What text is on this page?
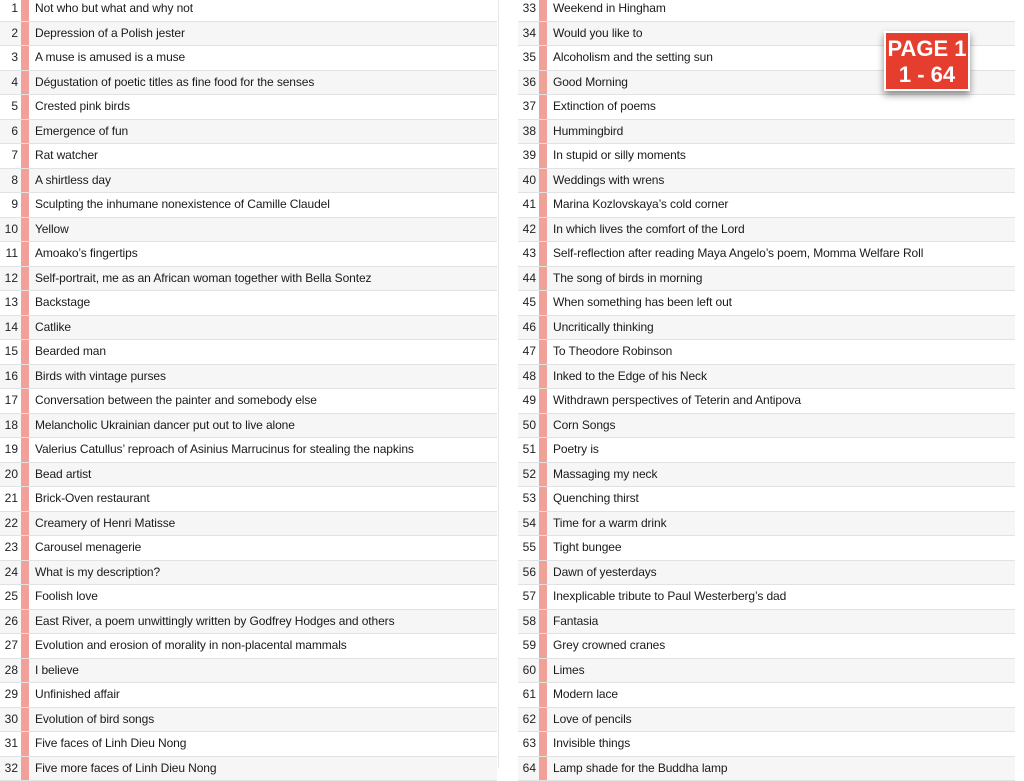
1	Not who but what and why not
2	Depression of a Polish jester
3	A muse is amused is a muse
4	Dégustation of poetic titles as fine food for the senses
5	Crested pink birds
6	Emergence of fun
7	Rat watcher
8	A shirtless day
9	Sculpting the inhumane nonexistence of Camille Claudel
10	Yellow
11	Amoako’s fingertips
12	Self-portrait, me as an African woman together with Bella Sontez
13	Backstage
14	Catlike
15	Bearded man
16	Birds with vintage purses
17	Conversation between the painter and somebody else
18	Melancholic Ukrainian dancer put out to live alone
19	Valerius Catullus’ reproach of Asinius Marrucinus for stealing the napkins
20	Bead artist
21	Brick-Oven restaurant
22	Creamery of Henri Matisse
23	Carousel menagerie
24	What is my description?
25	Foolish love
26	East River, a poem unwittingly written by Godfrey Hodges and others
27	Evolution and erosion of morality in non-placental mammals
28	I believe
29	Unfinished affair
30	Evolution of bird songs
31	Five faces of Linh Dieu Nong
32	Five more faces of Linh Dieu Nong
33	Weekend in Hingham
34	Would you like to
35	Alcoholism and the setting sun
36	Good Morning
37	Extinction of poems
38	Hummingbird
39	In stupid or silly moments
40	Weddings with wrens
41	Marina Kozlovskaya’s cold corner
42	In which lives the comfort of the Lord
43	Self-reflection after reading Maya Angelo’s poem, Momma Welfare Roll
44	The song of birds in morning
45	When something has been left out
46	Uncritically thinking
47	To Theodore Robinson
48	Inked to the Edge of his Neck
49	Withdrawn perspectives of Teterin and Antipova
50	Corn Songs
51	Poetry is
52	Massaging my neck
53	Quenching thirst
54	Time for a warm drink
55	Tight bungee
56	Dawn of yesterdays
57	Inexplicable tribute to Paul Westerberg’s dad
58	Fantasia
59	Grey crowned cranes
60	Limes
61	Modern lace
62	Love of pencils
63	Invisible things
64	Lamp shade for the Buddha lamp
PAGE 1
1 - 64
